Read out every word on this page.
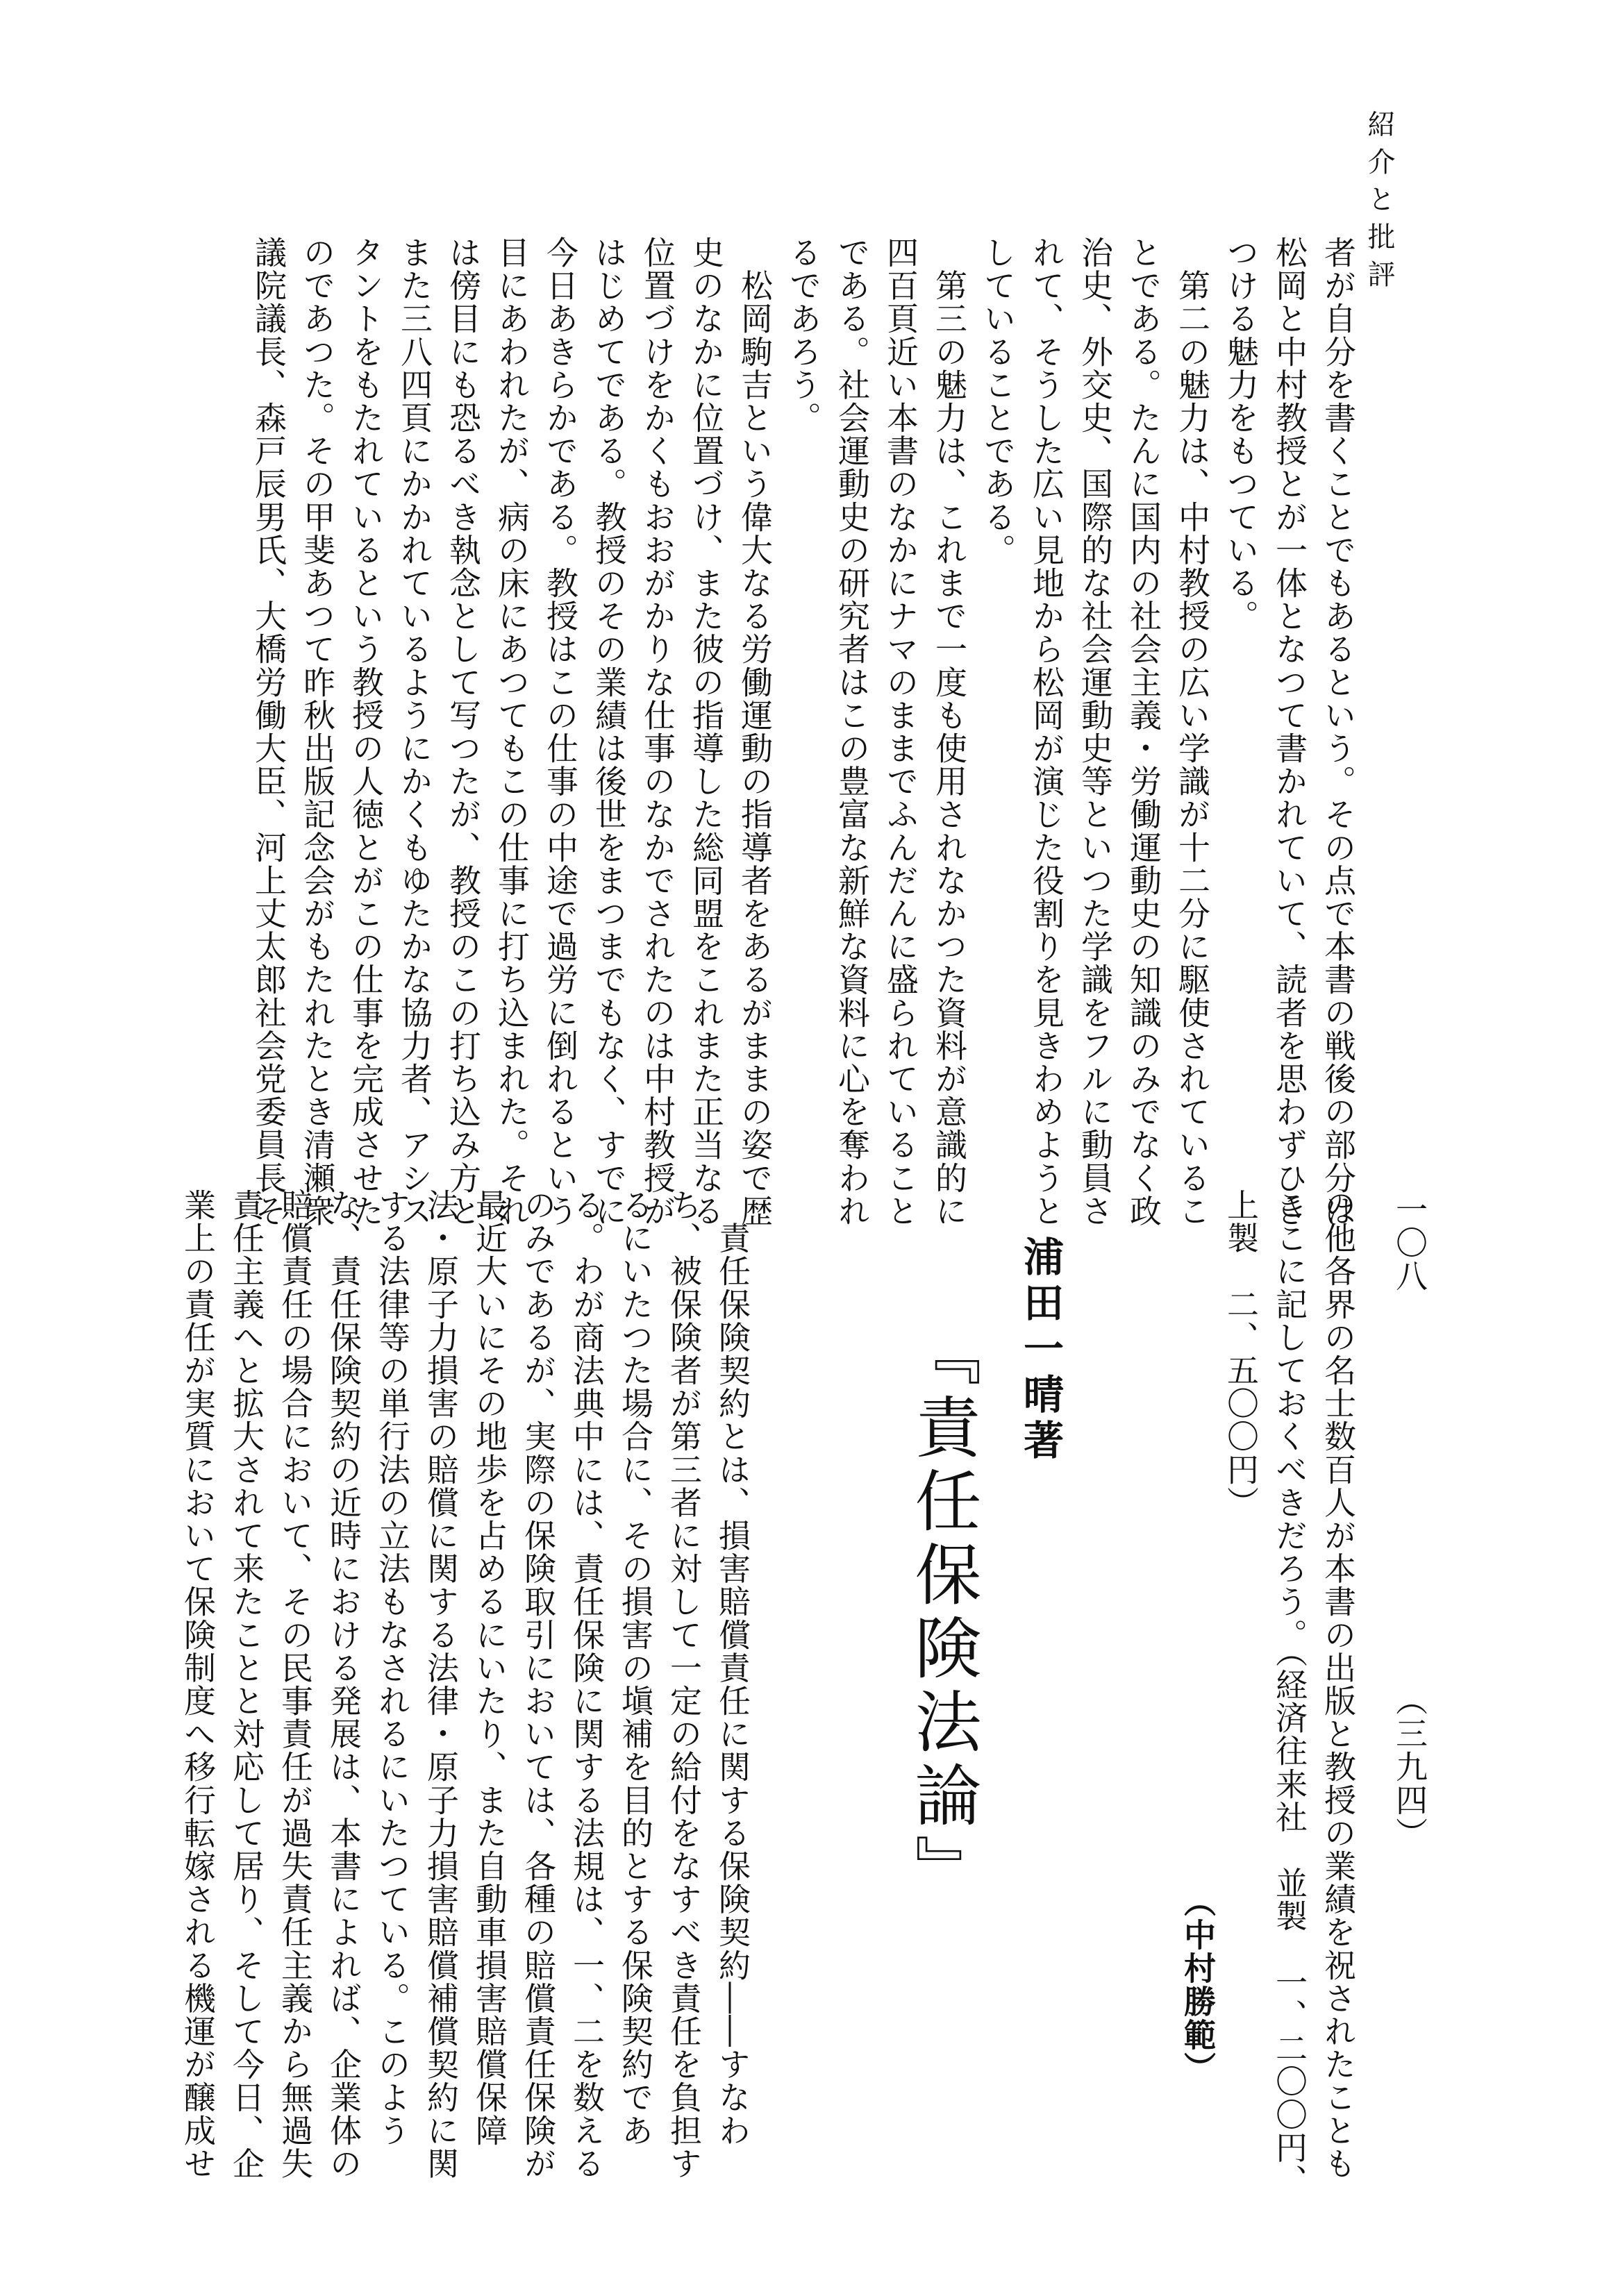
紹介と批評
一〇八
（三九四）
者が自分を書くことでもあるという。その点で本書の戦後の部分は
松岡と中村教授とが一体となつて書かれていて、読者を思わずひき
つける魅力をもつている。
　第二の魅力は、中村教授の広い学識が十二分に駆使されているこ
とである。たんに国内の社会主義・労働運動史の知識のみでなく政
治史、外交史、国際的な社会運動史等といつた学識をフルに動員さ
れて、そうした広い見地から松岡が演じた役割りを見きわめようと
していることである。
　第三の魅力は、これまで一度も使用されなかつた資料が意識的に
四百頁近い本書のなかにナマのままでふんだんに盛られていること
である。社会運動史の研究者はこの豊富な新鮮な資料に心を奪われ
るであろう。
　松岡駒吉という偉大なる労働運動の指導者をあるがままの姿で歴
史のなかに位置づけ、また彼の指導した総同盟をこれまた正当なる
位置づけをかくもおおがかりな仕事のなかでされたのは中村教授が
はじめてである。教授のその業績は後世をまつまでもなく、すでに
今日あきらかである。教授はこの仕事の中途で過労に倒れるという
目にあわれたが、病の床にあつてもこの仕事に打ち込まれた。それ
は傍目にも恐るべき執念として写つたが、教授のこの打ち込み方と
また三八四頁にかかれているようにかくもゆたかな協力者、アシス
タントをもたれているという教授の人徳とがこの仕事を完成させた
のであつた。その甲斐あつて昨秋出版記念会がもたれたとき清瀬衆
議院議長、森戸辰男氏、大橋労働大臣、河上丈太郎社会党委員長そ
の他各界の名士数百人が本書の出版と教授の業績を祝されたことも
ここに記しておくべきだろう。（経済往来社　並製　一、二〇〇円、
上製　二、五〇〇円）
（中村勝範）
『責任保険法論』 浦田一晴著
　責任保険契約とは、損害賠償責任に関する保険契約――すなわ
ち、被保険者が第三者に対して一定の給付をなすべき責任を負担す
るにいたつた場合に、その損害の塡補を目的とする保険契約であ
る。わが商法典中には、責任保険に関する法規は、一、二を数える
のみであるが、実際の保険取引においては、各種の賠償責任保険が
最近大いにその地歩を占めるにいたり、また自動車損害賠償保障
法・原子力損害の賠償に関する法律・原子力損害賠償補償契約に関
する法律等の単行法の立法もなされるにいたつている。このよう
な、責任保険契約の近時における発展は、本書によれば、企業体の
賠償責任の場合において、その民事責任が過失責任主義から無過失
責任主義へと拡大されて来たことと対応して居り、そして今日、企
業上の責任が実質において保険制度へ移行転嫁される機運が醸成せ
